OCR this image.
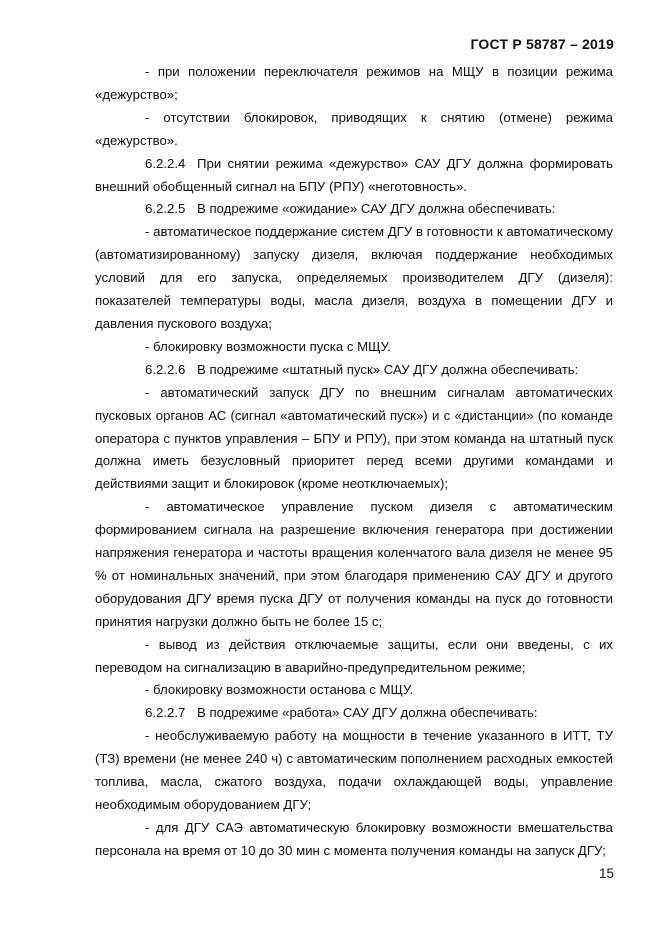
ГОСТ Р 58787 – 2019

- при положении переключателя режимов на МЩУ в позиции режима «дежурство»;

- отсутствии блокировок, приводящих к снятию (отмене) режима «дежурство».

6.2.2.4 При снятии режима «дежурство» САУ ДГУ должна формировать внешний обобщенный сигнал на БПУ (РПУ) «неготовность».

6.2.2.5 В подрежиме «ожидание» САУ ДГУ должна обеспечивать:

- автоматическое поддержание систем ДГУ в готовности к автоматическому (автоматизированному) запуску дизеля, включая поддержание необходимых условий для его запуска, определяемых производителем ДГУ (дизеля): показателей температуры воды, масла дизеля, воздуха в помещении ДГУ и давления пускового воздуха;

- блокировку возможности пуска с МЩУ.

6.2.2.6 В подрежиме «штатный пуск» САУ ДГУ должна обеспечивать:

- автоматический запуск ДГУ по внешним сигналам автоматических пусковых органов АС (сигнал «автоматический пуск») и с «дистанции» (по команде оператора с пунктов управления – БПУ и РПУ), при этом команда на штатный пуск должна иметь безусловный приоритет перед всеми другими командами и действиями защит и блокировок (кроме неотключаемых);

- автоматическое управление пуском дизеля с автоматическим формированием сигнала на разрешение включения генератора при достижении напряжения генератора и частоты вращения коленчатого вала дизеля не менее 95 % от номинальных значений, при этом благодаря применению САУ ДГУ и другого оборудования ДГУ время пуска ДГУ от получения команды на пуск до готовности принятия нагрузки должно быть не более 15 с;

- вывод из действия отключаемые защиты, если они введены, с их переводом на сигнализацию в аварийно-предупредительном режиме;

- блокировку возможности останова с МЩУ.

6.2.2.7 В подрежиме «работа» САУ ДГУ должна обеспечивать:

- необслуживаемую работу на мощности в течение указанного в ИТТ, ТУ (ТЗ) времени (не менее 240 ч) с автоматическим пополнением расходных емкостей топлива, масла, сжатого воздуха, подачи охлаждающей воды, управление необходимым оборудованием ДГУ;

- для ДГУ САЭ автоматическую блокировку возможности вмешательства персонала на время от 10 до 30 мин с момента получения команды на запуск ДГУ;

15
